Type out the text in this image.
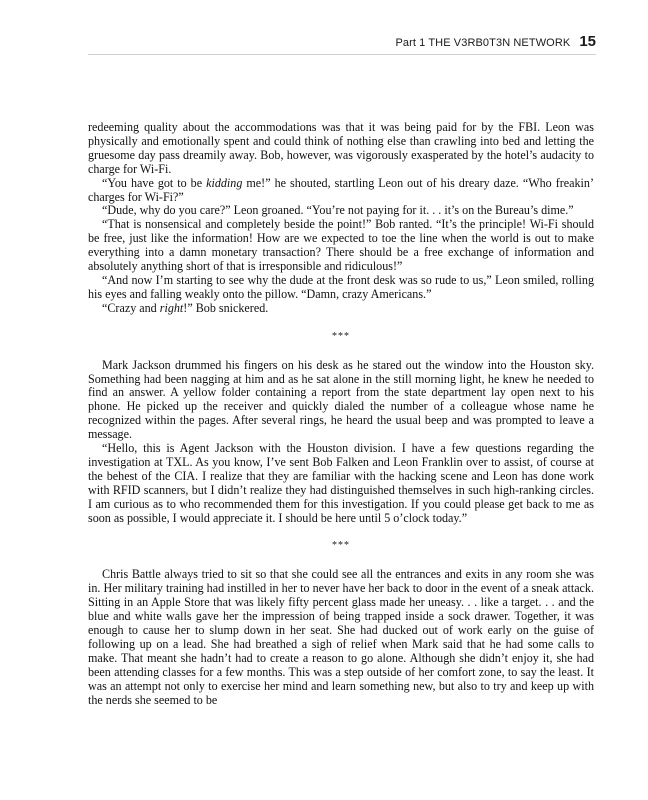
Part 1 THE V3RB0T3N NETWORK 15

redeeming quality about the accommodations was that it was being paid for by the FBI. Leon was physically and emotionally spent and could think of nothing else than crawling into bed and letting the gruesome day pass dreamily away. Bob, however, was vigorously exasperated by the hotel’s audacity to charge for Wi-Fi.

“You have got to be kidding me!” he shouted, startling Leon out of his dreary daze. “Who freakin’ charges for Wi-Fi?”

“Dude, why do you care?” Leon groaned. “You’re not paying for it. . . it’s on the Bureau’s dime.”

“That is nonsensical and completely beside the point!” Bob ranted. “It’s the principle! Wi-Fi should be free, just like the information! How are we expected to toe the line when the world is out to make everything into a damn monetary transaction? There should be a free exchange of information and absolutely anything short of that is irresponsible and ridiculous!”

“And now I’m starting to see why the dude at the front desk was so rude to us,” Leon smiled, rolling his eyes and falling weakly onto the pillow. “Damn, crazy Americans.”

“Crazy and right!” Bob snickered.

***

Mark Jackson drummed his fingers on his desk as he stared out the window into the Houston sky. Something had been nagging at him and as he sat alone in the still morning light, he knew he needed to find an answer. A yellow folder containing a report from the state department lay open next to his phone. He picked up the receiver and quickly dialed the number of a colleague whose name he recognized within the pages. After several rings, he heard the usual beep and was prompted to leave a message.

“Hello, this is Agent Jackson with the Houston division. I have a few questions regarding the investigation at TXL. As you know, I’ve sent Bob Falken and Leon Franklin over to assist, of course at the behest of the CIA. I realize that they are familiar with the hacking scene and Leon has done work with RFID scanners, but I didn’t realize they had distinguished themselves in such high-ranking circles. I am curious as to who recommended them for this investigation. If you could please get back to me as soon as possible, I would appreciate it. I should be here until 5 o’clock today.”

***

Chris Battle always tried to sit so that she could see all the entrances and exits in any room she was in. Her military training had instilled in her to never have her back to door in the event of a sneak attack. Sitting in an Apple Store that was likely fifty percent glass made her uneasy. . . like a target. . . and the blue and white walls gave her the impression of being trapped inside a sock drawer. Together, it was enough to cause her to slump down in her seat. She had ducked out of work early on the guise of following up on a lead. She had breathed a sigh of relief when Mark said that he had some calls to make. That meant she hadn’t had to create a reason to go alone. Although she didn’t enjoy it, she had been attending classes for a few months. This was a step outside of her comfort zone, to say the least. It was an attempt not only to exercise her mind and learn something new, but also to try and keep up with the nerds she seemed to be
